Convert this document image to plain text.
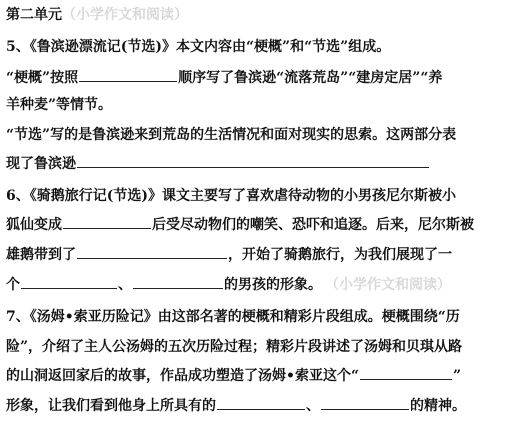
第二单元（小学作文和阅读）
5、《鲁滨逊漂流记(节选)》本文内容由“梗概”和“节选”组成。
“梗概”按照	顺序写了鲁滨逊“流落荒岛”“建房定居”“养
羊种麦”等情节。
“节选”写的是鲁滨逊来到荒岛的生活情况和面对现实的思索。这两部分表
现了鲁滨逊
6、《骑鹅旅行记(节选)》课文主要写了喜欢虐待动物的小男孩尼尔斯被小
狐仙变成	后受尽动物们的嘲笑、恐吓和追逐。后来，尼尔斯被
雄鹅带到了	，开始了骑鹅旅行，为我们展现了一
个	、	的男孩的形象。 （小学作文和阅读）
7、《汤姆•索亚历险记》由这部名著的梗概和精彩片段组成。梗概围绕“历
险”，介绍了主人公汤姆的五次历险过程；精彩片段讲述了汤姆和贝琪从路
的山洞返回家后的故事，作品成功塑造了汤姆•索亚这个“	”
形象，让我们看到他身上所具有的	、	的精神。
